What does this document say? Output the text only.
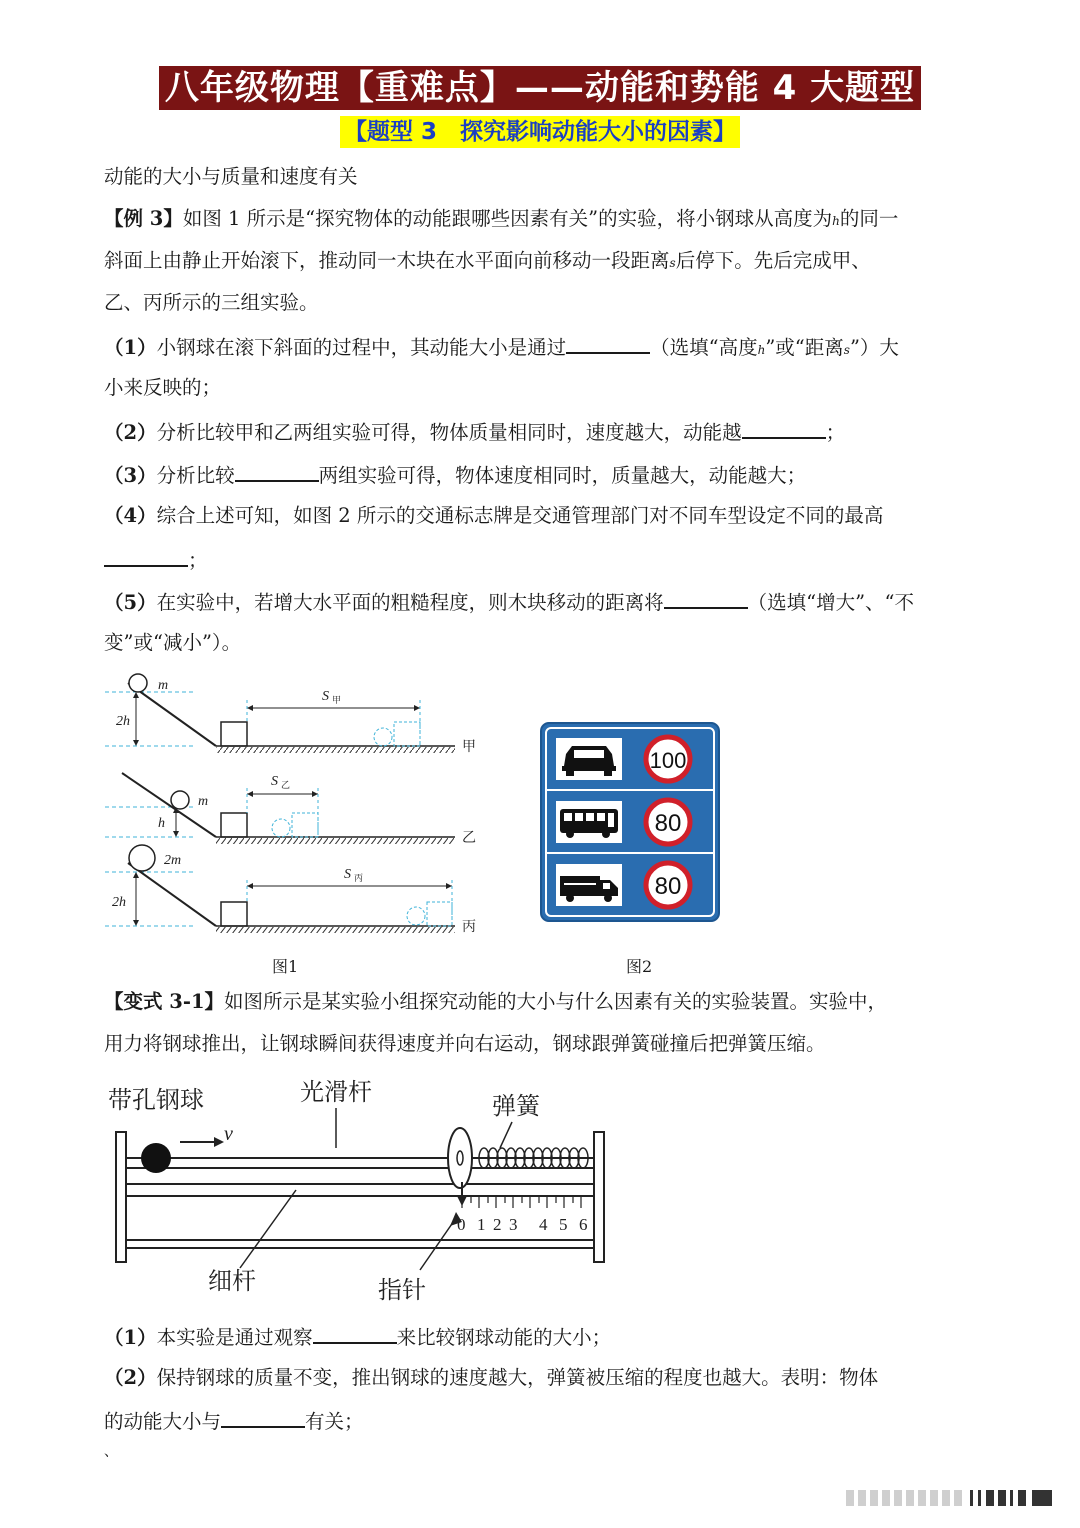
八年级物理【重难点】——动能和势能 4 大题型
【题型 3　探究影响动能大小的因素】
动能的大小与质量和速度有关
【例 3】如图 1 所示是“探究物体的动能跟哪些因素有关”的实验，将小钢球从高度为h的同一
斜面上由静止开始滚下，推动同一木块在水平面向前移动一段距离s后停下。先后完成甲、
乙、丙所示的三组实验。
（1）小钢球在滚下斜面的过程中，其动能大小是通过	（选填“高度h”或“距离s”）大
小来反映的；
（2）分析比较甲和乙两组实验可得，物体质量相同时，速度越大，动能越	；
（3）分析比较	两组实验可得，物体速度相同时，质量越大，动能越大；
（4）综合上述可知，如图 2 所示的交通标志牌是交通管理部门对不同车型设定不同的最高
；
（5）在实验中，若增大水平面的粗糙程度，则木块移动的距离将	（选填“增大”、“不
变”或“减小”）。
2h
m
S 甲
甲
h
m
S 乙
乙
2h
2m
S 丙
丙
图1
100
80
80
图2
【变式 3-1】如图所示是某实验小组探究动能的大小与什么因素有关的实验装置。实验中，
用力将钢球推出，让钢球瞬间获得速度并向右运动，钢球跟弹簧碰撞后把弹簧压缩。
带孔钢球	光滑杆	弹簧
细杆	指针
v
0 1 2 3 4 5 6
（1）本实验是通过观察	来比较钢球动能的大小；
（2）保持钢球的质量不变，推出钢球的速度越大，弹簧被压缩的程度也越大。表明：物体
的动能大小与	有关；
、
